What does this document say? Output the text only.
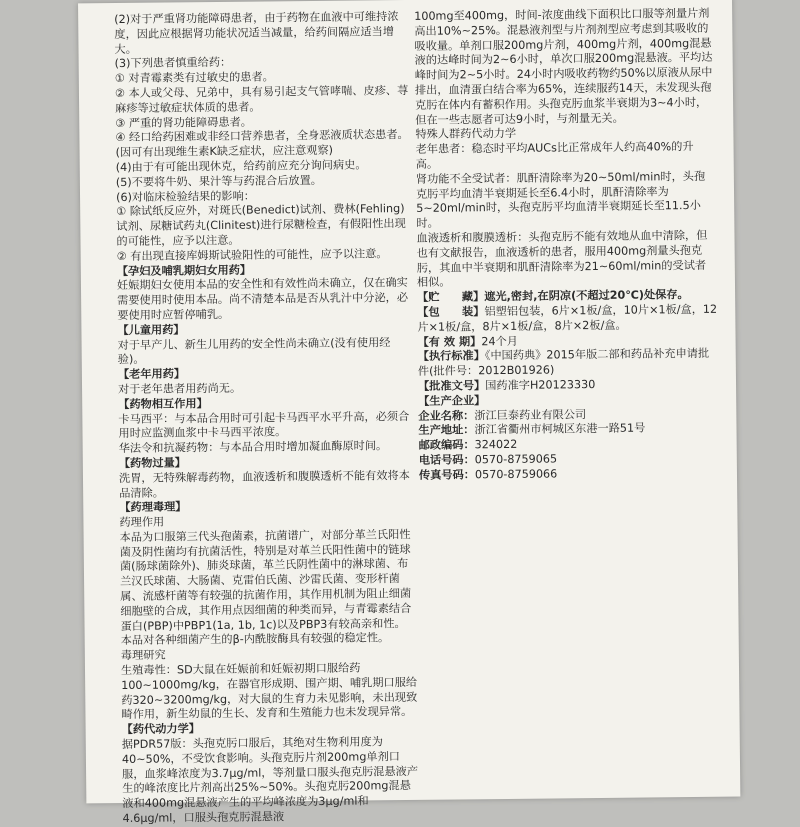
(2)对于严重肾功能障碍患者，由于药物在血液中可维持浓度，因此应根据肾功能状况适当减量，给药间隔应适当增大。

(3)下列患者慎重给药：

① 对青霉素类有过敏史的患者。

② 本人或父母、兄弟中，具有易引起支气管哮喘、皮疹、荨麻疹等过敏症状体质的患者。

③ 严重的肾功能障碍患者。

④ 经口给药困难或非经口营养患者，全身恶液质状态患者。(因可有出现维生素K缺乏症状，应注意观察)

(4)由于有可能出现休克，给药前应充分询问病史。

(5)不要将牛奶、果汁等与药混合后放置。

(6)对临床检验结果的影响：

① 除试纸反应外，对斑氏(Benedict)试剂、费林(Fehling)试剂、尿糖试药丸(Clinitest)进行尿糖检查，有假阳性出现的可能性，应予以注意。

② 有出现直接库姆斯试验阳性的可能性，应予以注意。

【孕妇及哺乳期妇女用药】

妊娠期妇女使用本品的安全性和有效性尚未确立，仅在确实需要使用时使用本品。尚不清楚本品是否从乳汁中分泌，必要使用时应暂停哺乳。

【儿童用药】

对于早产儿、新生儿用药的安全性尚未确立(没有使用经验)。

【老年用药】

对于老年患者用药尚无。

【药物相互作用】

卡马西平：与本品合用时可引起卡马西平水平升高，必须合用时应监测血浆中卡马西平浓度。

华法令和抗凝药物：与本品合用时增加凝血酶原时间。

【药物过量】

洗胃，无特殊解毒药物，血液透析和腹膜透析不能有效将本品清除。

【药理毒理】

药理作用

本品为口服第三代头孢菌素，抗菌谱广，对部分革兰氏阳性菌及阴性菌均有抗菌活性，特别是对革兰氏阳性菌中的链球菌(肠球菌除外)、肺炎球菌，革兰氏阴性菌中的淋球菌、布兰汉氏球菌、大肠菌、克雷伯氏菌、沙雷氏菌、变形杆菌属、流感杆菌等有较强的抗菌作用，其作用机制为阻止细菌细胞壁的合成，其作用点因细菌的种类而异，与青霉素结合蛋白(PBP)中PBP1(1a, 1b, 1c)以及PBP3有较高亲和性。本品对各种细菌产生的β-内酰胺酶具有较强的稳定性。

毒理研究

生殖毒性：SD大鼠在妊娠前和妊娠初期口服给药100~1000mg/kg，在器官形成期、围产期、哺乳期口服给药320~3200mg/kg，对大鼠的生育力未见影响，未出现致畸作用，新生幼鼠的生长、发育和生殖能力也未发现异常。

【药代动力学】

据PDR57版：头孢克肟口服后，其绝对生物利用度为40~50%，不受饮食影响。头孢克肟片剂200mg单剂口服，血浆峰浓度为3.7μg/ml，等剂量口服头孢克肟混悬液产生的峰浓度比片剂高出25%~50%。头孢克肟200mg混悬液和400mg混悬液产生的平均峰浓度为3μg/ml和4.6μg/ml，口服头孢克肟混悬液

100mg至400mg，时间-浓度曲线下面积比口服等剂量片剂高出10%~25%。混悬液剂型与片剂剂型应考虑到其吸收的吸收量。单剂口服200mg片剂，400mg片剂，400mg混悬液的达峰时间为2~6小时，单次口服200mg混悬液。平均达峰时间为2~5小时。24小时内吸收药物约50%以原液从尿中排出，血清蛋白结合率为65%，连续服药14天，未发现头孢克肟在体内有蓄积作用。头孢克肟血浆半衰期为3~4小时，但在一些志愿者可达9小时，与剂量无关。

特殊人群药代动力学

老年患者：稳态时平均AUCs比正常成年人约高40%的升高。

肾功能不全受试者：肌酐清除率为20~50ml/min时，头孢克肟平均血清半衰期延长至6.4小时，肌酐清除率为5~20ml/min时，头孢克肟平均血清半衰期延长至11.5小时。

血液透析和腹膜透析：头孢克肟不能有效地从血中清除，但也有文献报告，血液透析的患者，服用400mg剂量头孢克肟，其血中半衰期和肌酐清除率为21~60ml/min的受试者相似。

【贮　　藏】遮光,密封,在阴凉(不超过20℃)处保存。

【包　　装】铝塑铝包装，6片×1板/盒，10片×1板/盒，12片×1板/盒，8片×1板/盒，8片×2板/盒。

【有 效 期】24个月

【执行标准】《中国药典》2015年版二部和药品补充申请批件(批件号：2012B01926)

【批准文号】国药准字H20123330

【生产企业】

企业名称：浙江巨泰药业有限公司

生产地址：浙江省衢州市柯城区东港一路51号

邮政编码：324022

电话号码：0570-8759065

传真号码：0570-8759066
